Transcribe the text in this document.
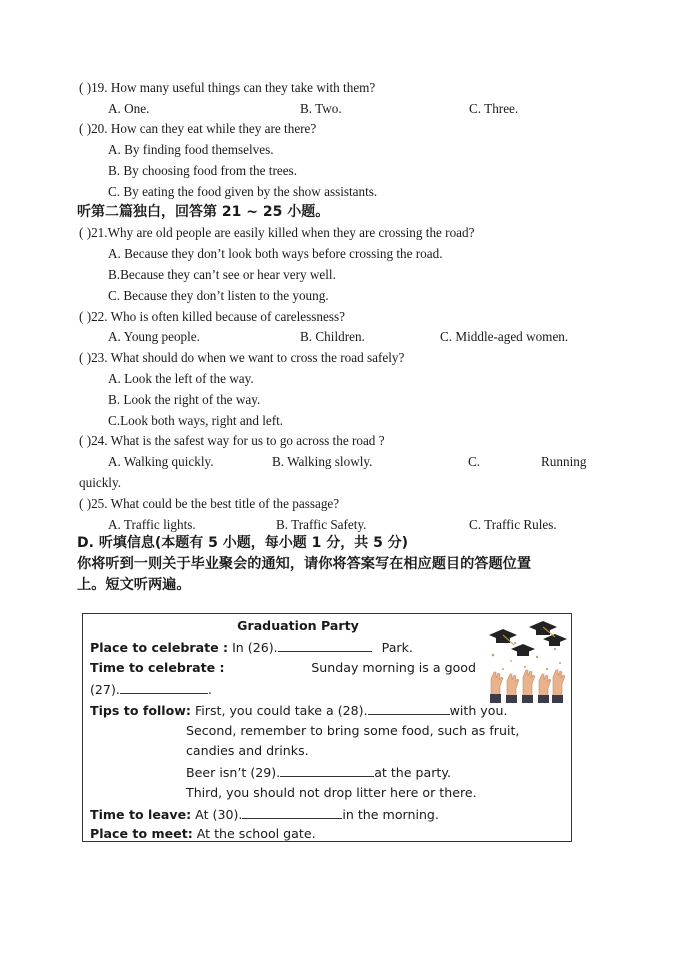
( )19. How many useful things can they take with them?
A. One.	B. Two.	C. Three.
( )20. How can they eat while they are there?
A. By finding food themselves.
B. By choosing food from the trees.
C. By eating the food given by the show assistants.
听第二篇独白，回答第 21 ~ 25 小题。
( )21.Why are old people are easily killed when they are crossing the road?
A. Because they don’t look both ways before crossing the road.
B.Because they can’t see or hear very well.
C. Because they don’t listen to the young.
( )22. Who is often killed because of carelessness?
A. Young people.	B. Children.	C. Middle-aged women.
( )23. What should do when we want to cross the road safely?
A. Look the left of the way.
B. Look the right of the way.
C.Look both ways, right and left.
( )24. What is the safest way for us to go across the road ?
A. Walking quickly.	B. Walking slowly.	C.	Running
quickly.
( )25. What could be the best title of the passage?
A. Traffic lights.	B. Traffic Safety.	C. Traffic Rules.
D. 听填信息(本题有 5 小题，每小题 1 分，共 5 分)
你将听到一则关于毕业聚会的通知，请你将答案写在相应题目的答题位置
上。短文听两遍。
Graduation Party
Place to celebrate : In (26).	Park.
Time to celebrate :	Sunday morning is a good
(27).	.
Tips to follow: First, you could take a (28).	with you.
Second, remember to bring some food, such as fruit,
candies and drinks.
Beer isn’t (29).	at the party.
Third, you should not drop litter here or there.
Time to leave: At (30).	in the morning.
Place to meet: At the school gate.
